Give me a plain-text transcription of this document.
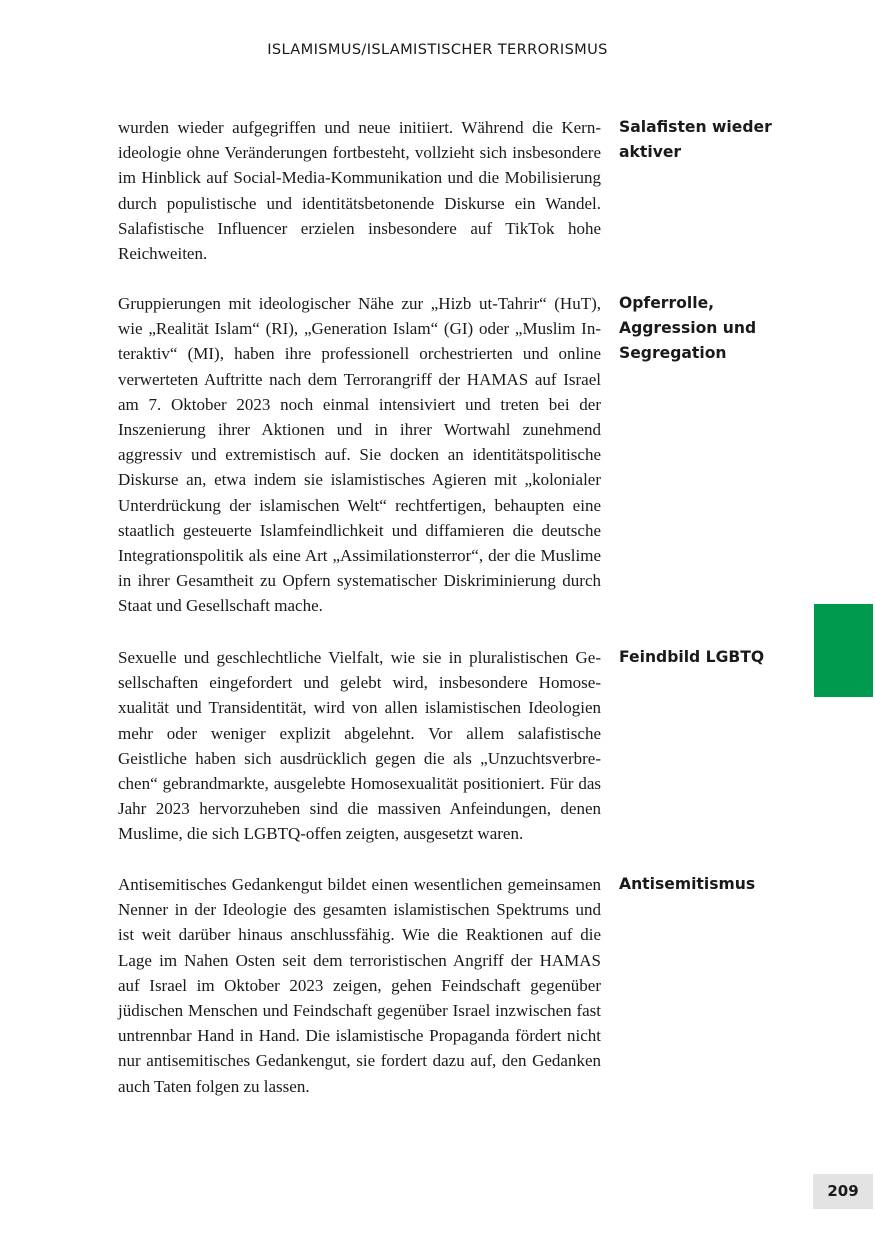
ISLAMISMUS/ISLAMISTISCHER TERRORISMUS

wurden wieder aufgegriffen und neue initiiert. Während die Kernideologie ohne Veränderungen fortbesteht, vollzieht sich insbesondere im Hinblick auf Social-Media-Kommunikation und die Mobilisierung durch populistische und identitätsbetonende Diskurse ein Wandel. Salafistische Influencer erzielen insbesondere auf TikTok hohe Reichweiten.

Salafisten wieder
aktiver

Gruppierungen mit ideologischer Nähe zur „Hizb ut-Tahrir“ (HuT), wie „Realität Islam“ (RI), „Generation Islam“ (GI) oder „Muslim Interaktiv“ (MI), haben ihre professionell orchestrierten und online verwerteten Auftritte nach dem Terrorangriff der HAMAS auf Israel am 7. Oktober 2023 noch einmal intensiviert und treten bei der Inszenierung ihrer Aktionen und in ihrer Wortwahl zunehmend aggressiv und extremistisch auf. Sie docken an identitätspolitische Diskurse an, etwa indem sie islamistisches Agieren mit „kolonialer Unterdrückung der islamischen Welt“ rechtfertigen, behaupten eine staatlich gesteuerte Islamfeindlichkeit und diffamieren die deutsche Integrationspolitik als eine Art „Assimilationsterror“, der die Muslime in ihrer Gesamtheit zu Opfern systematischer Diskriminierung durch Staat und Gesellschaft mache.

Opferrolle,
Aggression und
Segregation

Sexuelle und geschlechtliche Vielfalt, wie sie in pluralistischen Gesellschaften eingefordert und gelebt wird, insbesondere Homosexualität und Transidentität, wird von allen islamistischen Ideologien mehr oder weniger explizit abgelehnt. Vor allem salafistische Geistliche haben sich ausdrücklich gegen die als „Unzuchtsverbrechen“ gebrandmarkte, ausgelebte Homosexualität positioniert. Für das Jahr 2023 hervorzuheben sind die massiven Anfeindungen, denen Muslime, die sich LGBTQ-offen zeigten, ausgesetzt waren.

Feindbild LGBTQ

Antisemitisches Gedankengut bildet einen wesentlichen gemeinsamen Nenner in der Ideologie des gesamten islamistischen Spektrums und ist weit darüber hinaus anschlussfähig. Wie die Reaktionen auf die Lage im Nahen Osten seit dem terroristischen Angriff der HAMAS auf Israel im Oktober 2023 zeigen, gehen Feindschaft gegenüber jüdischen Menschen und Feindschaft gegenüber Israel inzwischen fast untrennbar Hand in Hand. Die islamistische Propaganda fördert nicht nur antisemitisches Gedankengut, sie fordert dazu auf, den Gedanken auch Taten folgen zu lassen.

Antisemitismus

209
